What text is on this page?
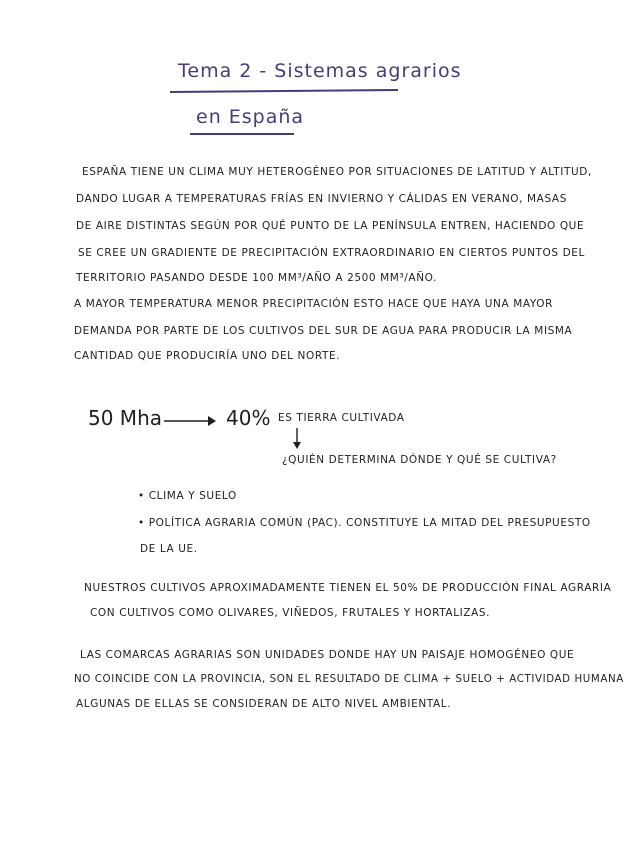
Tema 2 - Sistemas agrarios
en España
ESPAÑA TIENE UN CLIMA MUY HETEROGÉNEO POR SITUACIONES DE LATITUD Y ALTITUD,
DANDO LUGAR A TEMPERATURAS FRÍAS EN INVIERNO Y CÁLIDAS EN VERANO, MASAS
DE AIRE DISTINTAS SEGÚN POR QUÉ PUNTO DE LA PENÍNSULA ENTREN, HACIENDO QUE
SE CREE UN GRADIENTE DE PRECIPITACIÓN EXTRAORDINARIO EN CIERTOS PUNTOS DEL
TERRITORIO PASANDO DESDE 100 MM³/AÑO A 2500 MM³/AÑO.
A MAYOR TEMPERATURA MENOR PRECIPITACIÓN ESTO HACE QUE HAYA UNA MAYOR
DEMANDA POR PARTE DE LOS CULTIVOS DEL SUR DE AGUA PARA PRODUCIR LA MISMA
CANTIDAD QUE PRODUCIRÍA UNO DEL NORTE.
50 Mha	40% ES TIERRA CULTIVADA
¿QUIÉN DETERMINA DÓNDE Y QUÉ SE CULTIVA?
• CLIMA Y SUELO
• POLÍTICA AGRARIA COMÚN (PAC). CONSTITUYE LA MITAD DEL PRESUPUESTO
DE LA UE.
NUESTROS CULTIVOS APROXIMADAMENTE TIENEN EL 50% DE PRODUCCIÓN FINAL AGRARIA
CON CULTIVOS COMO OLIVARES, VIÑEDOS, FRUTALES Y HORTALIZAS.
LAS COMARCAS AGRARIAS SON UNIDADES DONDE HAY UN PAISAJE HOMOGÉNEO QUE
NO COINCIDE CON LA PROVINCIA, SON EL RESULTADO DE CLIMA + SUELO + ACTIVIDAD HUMANA
ALGUNAS DE ELLAS SE CONSIDERAN DE ALTO NIVEL AMBIENTAL.
